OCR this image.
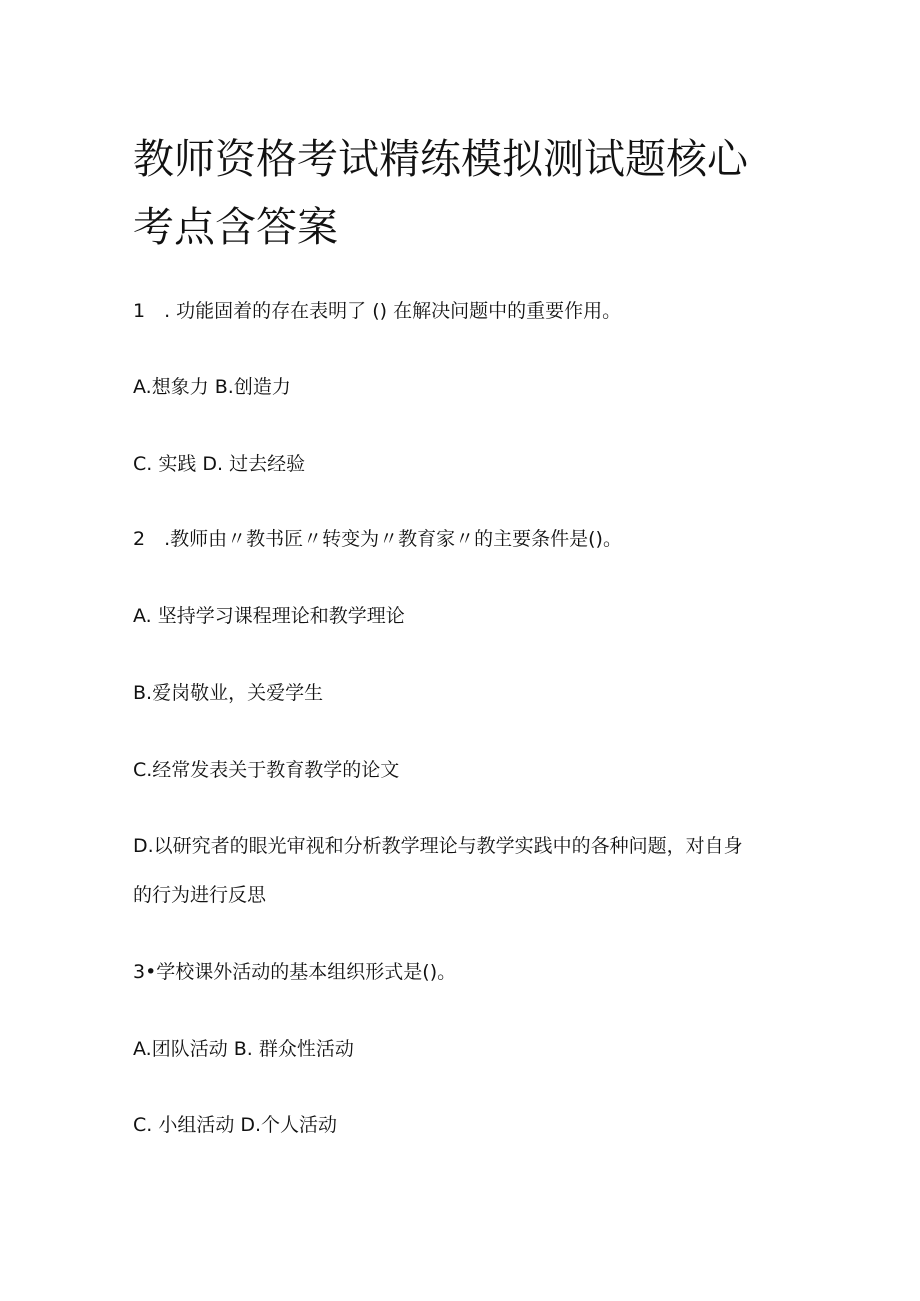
教师资格考试精练模拟测试题核心
考点含答案
1　. 功能固着的存在表明了 () 在解决问题中的重要作用。
A.想象力 B.创造力
C. 实践 D. 过去经验
2　.教师由〃教书匠〃转变为〃教育家〃的主要条件是()。
A. 坚持学习课程理论和教学理论
B.爱岗敬业，关爱学生
C.经常发表关于教育教学的论文
D.以研究者的眼光审视和分析教学理论与教学实践中的各种问题，对自身
的行为进行反思
3•学校课外活动的基本组织形式是()。
A.团队活动 B. 群众性活动
C. 小组活动 D.个人活动
